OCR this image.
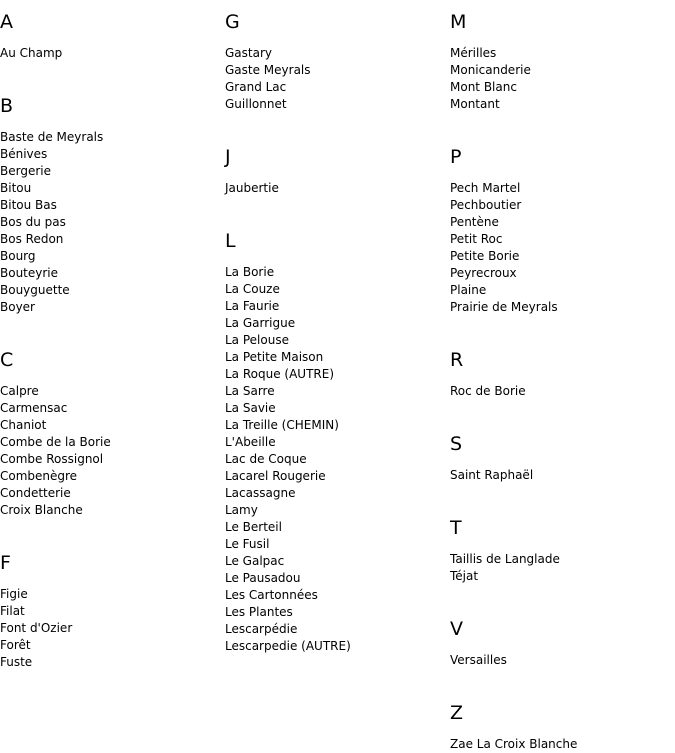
A
Au Champ
B
Baste de Meyrals
Bénives
Bergerie
Bitou
Bitou Bas
Bos du pas
Bos Redon
Bourg
Bouteyrie
Bouyguette
Boyer
C
Calpre
Carmensac
Chaniot
Combe de la Borie
Combe Rossignol
Combenègre
Condetterie
Croix Blanche
F
Figie
Filat
Font d'Ozier
Forêt
Fuste
G
Gastary
Gaste Meyrals
Grand Lac
Guillonnet
J
Jaubertie
L
La Borie
La Couze
La Faurie
La Garrigue
La Pelouse
La Petite Maison
La Roque (AUTRE)
La Sarre
La Savie
La Treille (CHEMIN)
L'Abeille
Lac de Coque
Lacarel Rougerie
Lacassagne
Lamy
Le Berteil
Le Fusil
Le Galpac
Le Pausadou
Les Cartonnées
Les Plantes
Lescarpédie
Lescarpedie (AUTRE)
M
Mérilles
Monicanderie
Mont Blanc
Montant
P
Pech Martel
Pechboutier
Pentène
Petit Roc
Petite Borie
Peyrecroux
Plaine
Prairie de Meyrals
R
Roc de Borie
S
Saint Raphaël
T
Taillis de Langlade
Téjat
V
Versailles
Z
Zae La Croix Blanche
